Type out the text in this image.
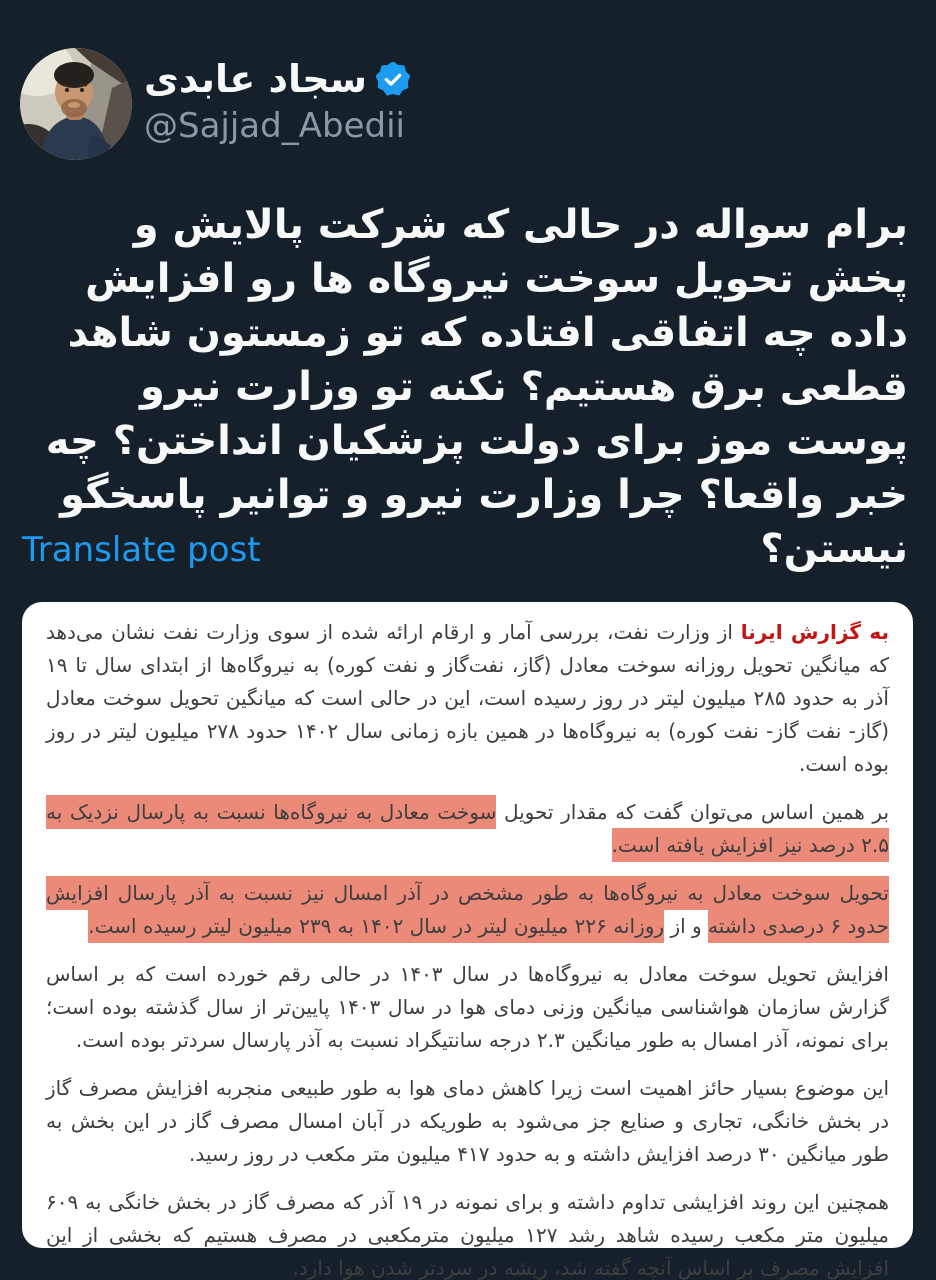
سجاد عابدی
@Sajjad_Abedii
برام سواله در حالی که شرکت پالایش و پخش تحویل سوخت نیروگاه ها رو افزایش داده چه اتفاقی افتاده که تو زمستون شاهد قطعی برق هستیم؟ نکنه تو وزارت نیرو پوست موز برای دولت پزشکیان انداختن؟ چه خبر واقعا؟ چرا وزارت نیرو و توانیر پاسخگو نیستن؟
Translate post

به گزارش ایرنا از وزارت نفت، بررسی آمار و ارقام ارائه شده از سوی وزارت نفت نشان می‌دهد که میانگین تحویل روزانه سوخت معادل (گاز، نفت‌گاز و نفت کوره) به نیروگاه‌ها از ابتدای سال تا ۱۹ آذر به حدود ۲۸۵ میلیون لیتر در روز رسیده است، این در حالی است که میانگین تحویل سوخت معادل (گاز- نفت گاز- نفت کوره) به نیروگاه‌ها در همین بازه زمانی سال ۱۴۰۲ حدود ۲۷۸ میلیون لیتر در روز بوده است.

بر همین اساس می‌توان گفت که مقدار تحویل سوخت معادل به نیروگاه‌ها نسبت به پارسال نزدیک به ۲.۵ درصد نیز افزایش یافته است.

تحویل سوخت معادل به نیروگاه‌ها به طور مشخص در آذر امسال نیز نسبت به آذر پارسال افزایش حدود ۶ درصدی داشته و از روزانه ۲۲۶ میلیون لیتر در سال ۱۴۰۲ به ۲۳۹ میلیون لیتر رسیده است.

افزایش تحویل سوخت معادل به نیروگاه‌ها در سال ۱۴۰۳ در حالی رقم خورده است که بر اساس گزارش سازمان هواشناسی میانگین وزنی دمای هوا در سال ۱۴۰۳ پایین‌تر از سال گذشته بوده است؛ برای نمونه، آذر امسال به طور میانگین ۲.۳ درجه سانتیگراد نسبت به آذر پارسال سردتر بوده است.

این موضوع بسیار حائز اهمیت است زیرا کاهش دمای هوا به طور طبیعی منجربه افزایش مصرف گاز در بخش خانگی، تجاری و صنایع جز می‌شود به طوریکه در آبان امسال مصرف گاز در این بخش به طور میانگین ۳۰ درصد افزایش داشته و به حدود ۴۱۷ میلیون متر مکعب در روز رسید.

همچنین این روند افزایشی تداوم داشته و برای نمونه در ۱۹ آذر که مصرف گاز در بخش خانگی به ۶۰۹ میلیون متر مکعب رسیده شاهد رشد ۱۲۷ میلیون مترمکعبی در مصرف هستیم که بخشی از این افزایش مصرف بر اساس آنچه گفته شد، ریشه در سردتر شدن هوا دارد.
